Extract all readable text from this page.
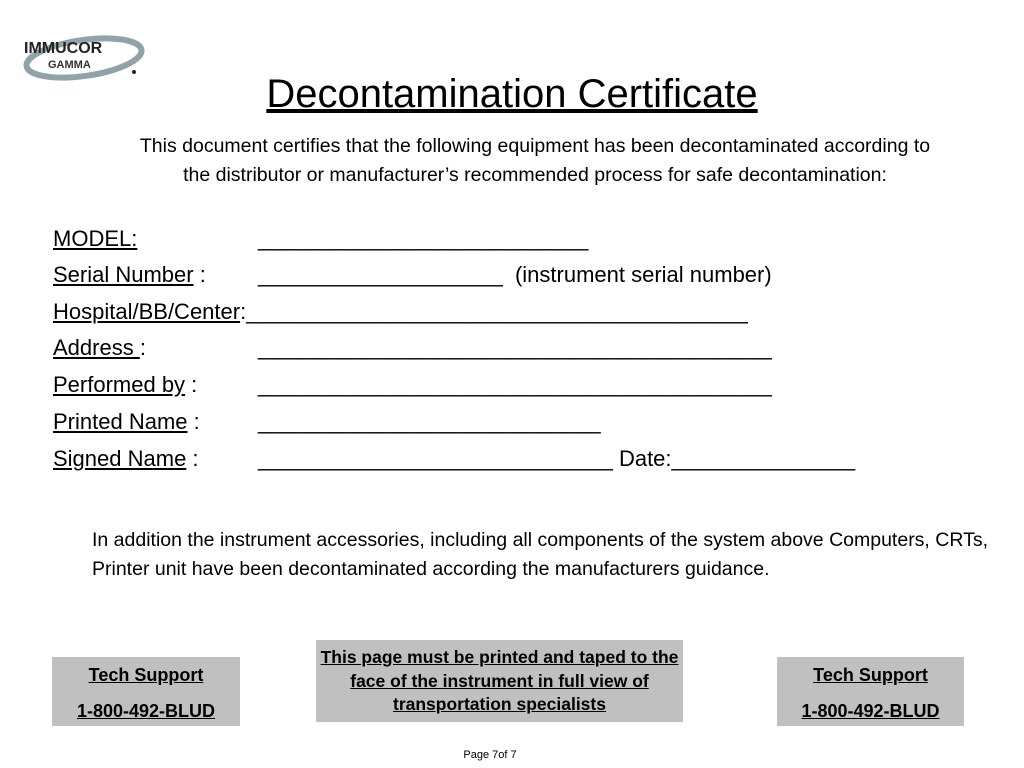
IMMUCOR
GAMMA
Decontamination Certificate
This document certifies that the following equipment has been decontaminated according to the distributor or manufacturer’s recommended process for safe decontamination:
MODEL:	___________________________
Serial Number : ____________________  (instrument serial number)
Hospital/BB/Center:_________________________________________
Address :	__________________________________________
Performed by :	__________________________________________
Printed Name :	____________________________
Signed Name :	_____________________________ Date:_______________
In addition the instrument accessories, including all components of the system above Computers, CRTs, Printer unit have been decontaminated according the manufacturers guidance.
Tech Support
1-800-492-BLUD
This page must be printed and taped to the face of the instrument in full view of transportation specialists
Tech Support
1-800-492-BLUD
Page 7of 7
